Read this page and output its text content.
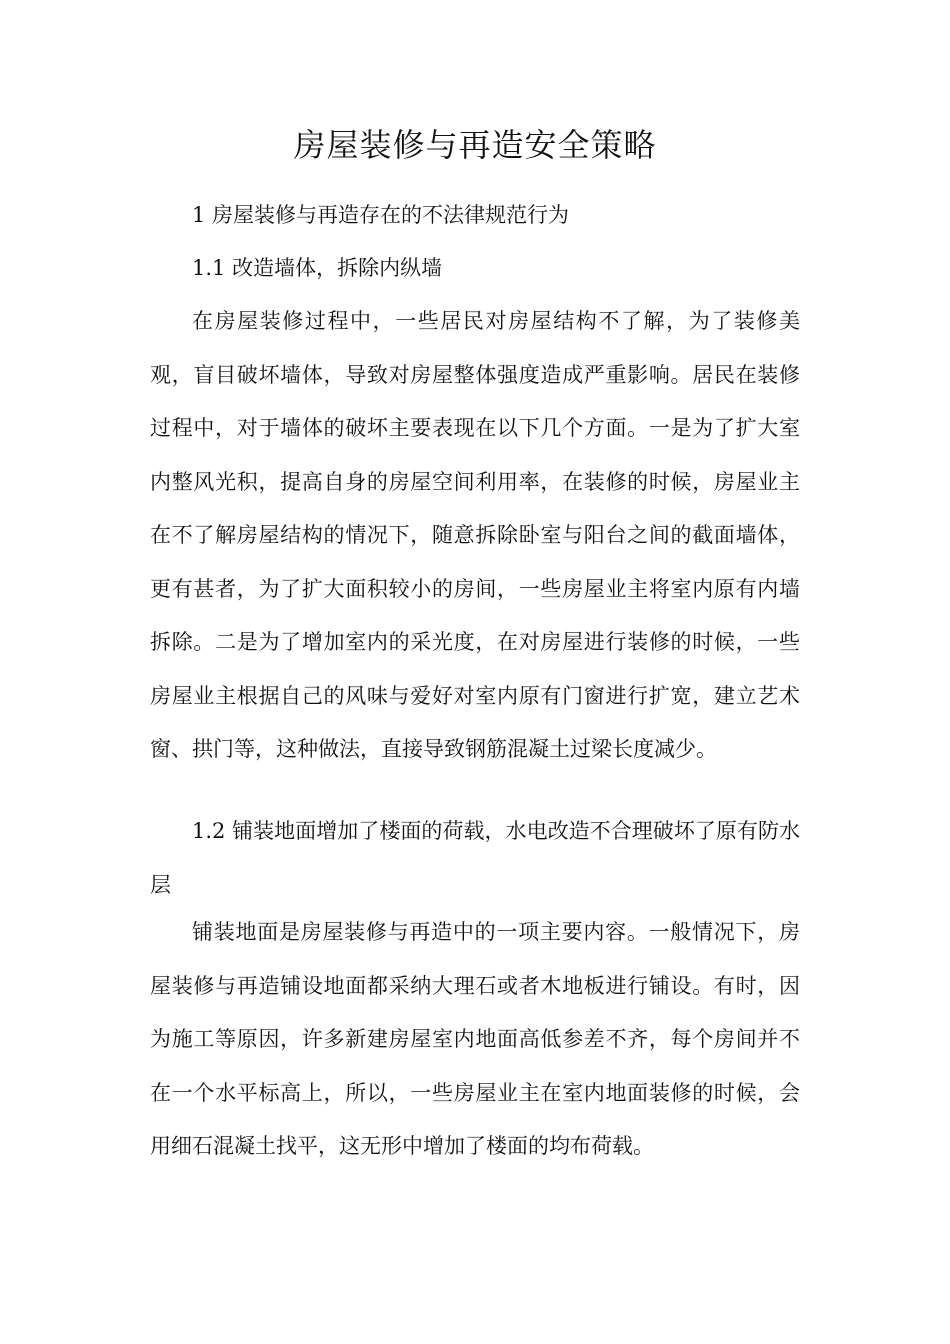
房屋装修与再造安全策略

1 房屋装修与再造存在的不法律规范行为

1.1 改造墙体，拆除内纵墙

在房屋装修过程中，一些居民对房屋结构不了解，为了装修美观，盲目破坏墙体，导致对房屋整体强度造成严重影响。居民在装修过程中，对于墙体的破坏主要表现在以下几个方面。一是为了扩大室内整风光积，提高自身的房屋空间利用率，在装修的时候，房屋业主在不了解房屋结构的情况下，随意拆除卧室与阳台之间的截面墙体，更有甚者，为了扩大面积较小的房间，一些房屋业主将室内原有内墙拆除。二是为了增加室内的采光度，在对房屋进行装修的时候，一些房屋业主根据自己的风味与爱好对室内原有门窗进行扩宽，建立艺术窗、拱门等，这种做法，直接导致钢筋混凝土过梁长度减少。

1.2 铺装地面增加了楼面的荷载，水电改造不合理破坏了原有防水层

铺装地面是房屋装修与再造中的一项主要内容。一般情况下，房屋装修与再造铺设地面都采纳大理石或者木地板进行铺设。有时，因为施工等原因，许多新建房屋室内地面高低参差不齐，每个房间并不在一个水平标高上，所以，一些房屋业主在室内地面装修的时候，会用细石混凝土找平，这无形中增加了楼面的均布荷载。
